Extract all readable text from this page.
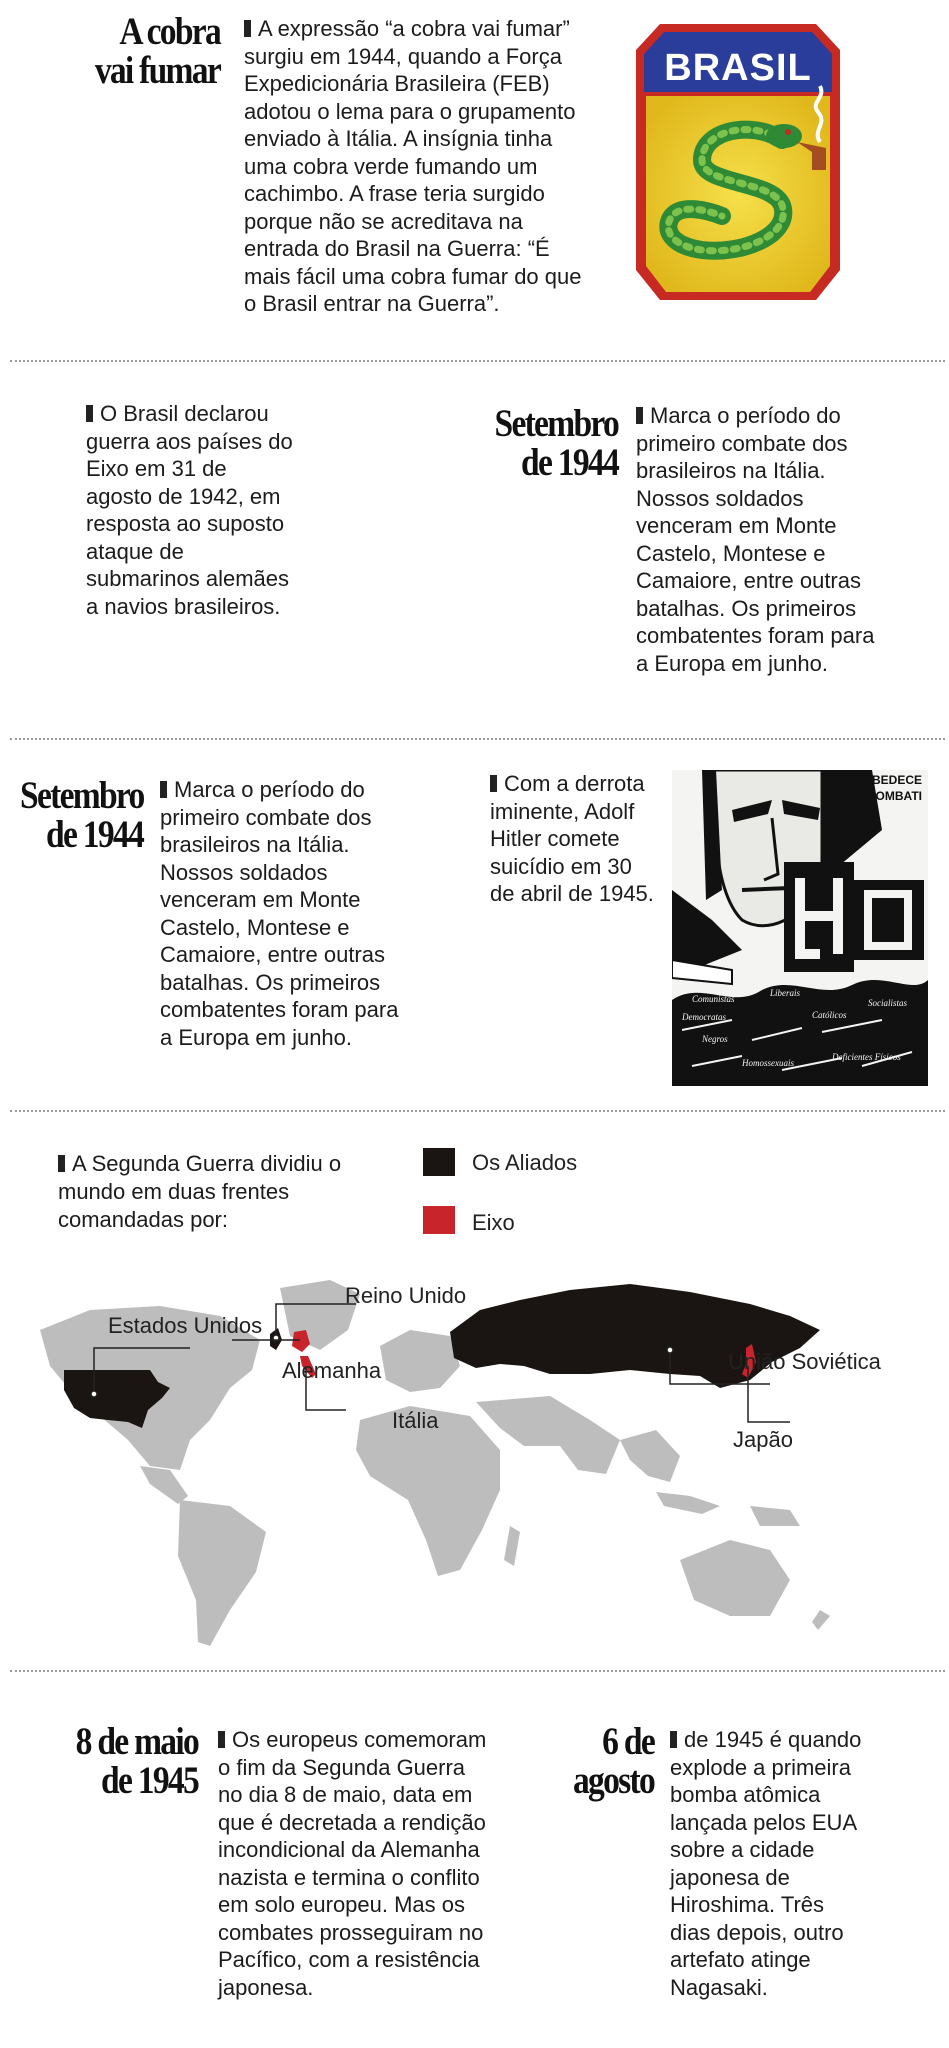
A cobra
vai fumar
A expressão “a cobra vai fumar” surgiu em 1944, quando a Força Expedicionária Brasileira (FEB) adotou o lema para o grupamento enviado à Itália. A insígnia tinha uma cobra verde fumando um cachimbo. A frase teria surgido porque não se acreditava na entrada do Brasil na Guerra: “É mais fácil uma cobra fumar do que o Brasil entrar na Guerra”.
BRASIL
O Brasil declarou guerra aos países do Eixo em 31 de agosto de 1942, em resposta ao suposto ataque de submarinos alemães a navios brasileiros.
Setembro
de 1944
Marca o período do primeiro combate dos brasileiros na Itália. Nossos soldados venceram em Monte Castelo, Montese e Camaiore, entre outras batalhas. Os primeiros combatentes foram para a Europa em junho.
Setembro
de 1944
Marca o período do primeiro combate dos brasileiros na Itália. Nossos soldados venceram em Monte Castelo, Montese e Camaiore, entre outras batalhas. Os primeiros combatentes foram para a Europa em junho.
Com a derrota iminente, Adolf Hitler comete suicídio em 30 de abril de 1945.
OBEDECE
COMBATI
Comunistas
Liberais
Democratas	Católicos
Socialistas
Negros
Homossexuais
Deficientes Físicos
A Segunda Guerra dividiu o mundo em duas frentes comandadas por:
Os Aliados
Eixo
Estados Unidos
Reino Unido
Alemanha
Itália
União Soviética
Japão
8 de maio
de 1945
Os europeus comemoram o fim da Segunda Guerra no dia 8 de maio, data em que é decretada a rendição incondicional da Alemanha nazista e termina o conflito em solo europeu. Mas os combates prosseguiram no Pacífico, com a resistência japonesa.
6 de
agosto
de 1945 é quando explode a primeira bomba atômica lançada pelos EUA sobre a cidade japonesa de Hiroshima. Três dias depois, outro artefato atinge Nagasaki.
